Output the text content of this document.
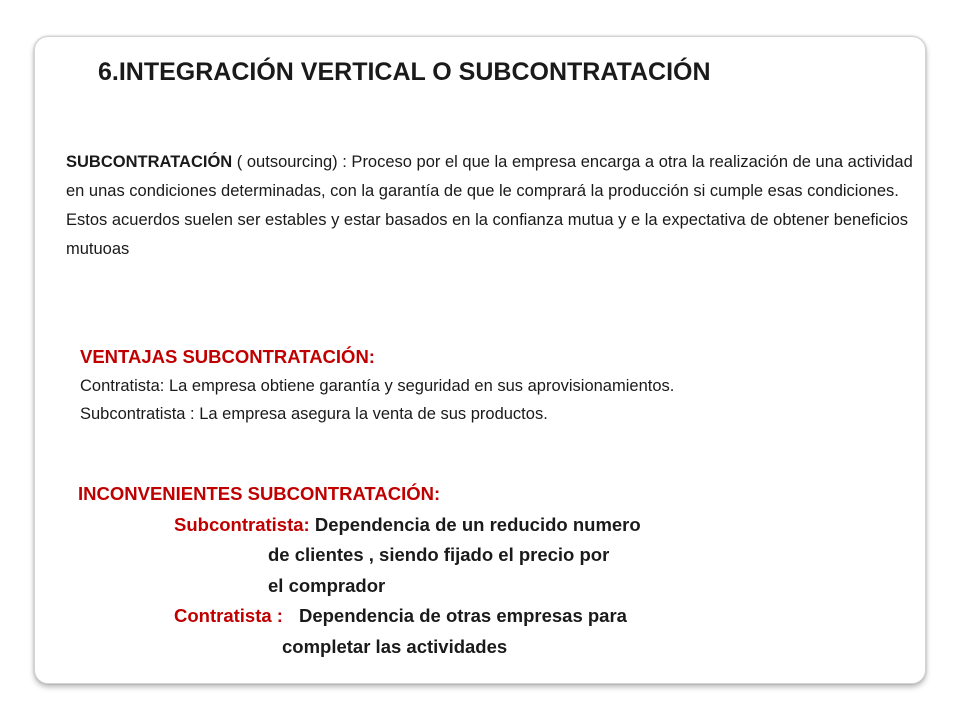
6.INTEGRACIÓN VERTICAL O SUBCONTRATACIÓN
SUBCONTRATACIÓN ( outsourcing) : Proceso por el que la empresa encarga a otra la realización de una actividad en unas condiciones determinadas, con la garantía de que le comprará la producción si cumple esas condiciones. Estos acuerdos suelen ser estables y estar basados en la confianza mutua y e la expectativa de obtener beneficios mutuoas
VENTAJAS SUBCONTRATACIÓN:
Contratista: La empresa obtiene garantía y seguridad en sus aprovisionamientos.
Subcontratista : La empresa asegura la venta de sus productos.
INCONVENIENTES SUBCONTRATACIÓN:
Subcontratista: Dependencia de un reducido numero
de clientes , siendo fijado el precio por
el comprador
Contratista : Dependencia de otras empresas para
completar las actividades
